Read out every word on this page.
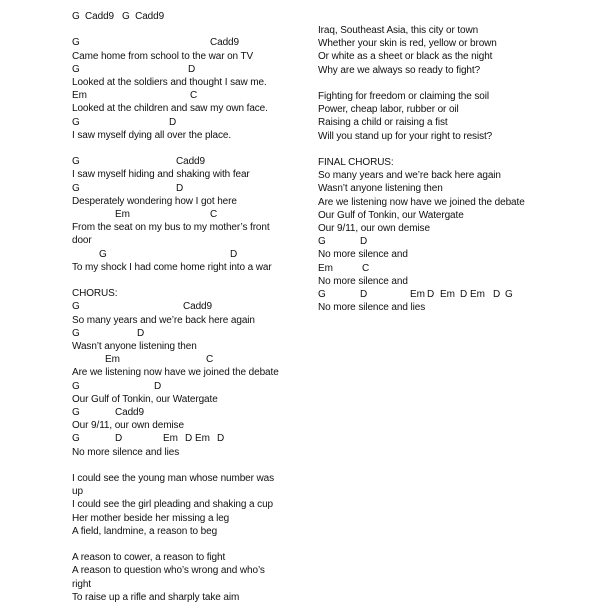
G  Cadd9   G  Cadd9
G	Cadd9
Came home from school to the war on TV
G	D
Looked at the soldiers and thought I saw me.
Em	C
Looked at the children and saw my own face.
G	D
I saw myself dying all over the place.
G	Cadd9
I saw myself hiding and shaking with fear
G	D
Desperately wondering how I got here
Em	C
From the seat on my bus to my mother’s front
door
G	D
To my shock I had come home right into a war
CHORUS:
G	Cadd9
So many years and we’re back here again
G	D
Wasn’t anyone listening then
Em	C
Are we listening now have we joined the debate
G	D
Our Gulf of Tonkin, our Watergate
G	Cadd9
Our 9/11, our own demise
G	D	Em D Em D
No more silence and lies
I could see the young man whose number was
up
I could see the girl pleading and shaking a cup
Her mother beside her missing a leg
A field, landmine, a reason to beg
A reason to cower, a reason to fight
A reason to question who’s wrong and who’s
right
To raise up a rifle and sharply take aim
Iraq, Southeast Asia, this city or town
Whether your skin is red, yellow or brown
Or white as a sheet or black as the night
Why are we always so ready to fight?
Fighting for freedom or claiming the soil
Power, cheap labor, rubber or oil
Raising a child or raising a fist
Will you stand up for your right to resist?
FINAL CHORUS:
So many years and we’re back here again
Wasn’t anyone listening then
Are we listening now have we joined the debate
Our Gulf of Tonkin, our Watergate
Our 9/11, our own demise
G	D
No more silence and
Em	C
No more silence and
G	D	Em D Em D Em D G
No more silence and lies
